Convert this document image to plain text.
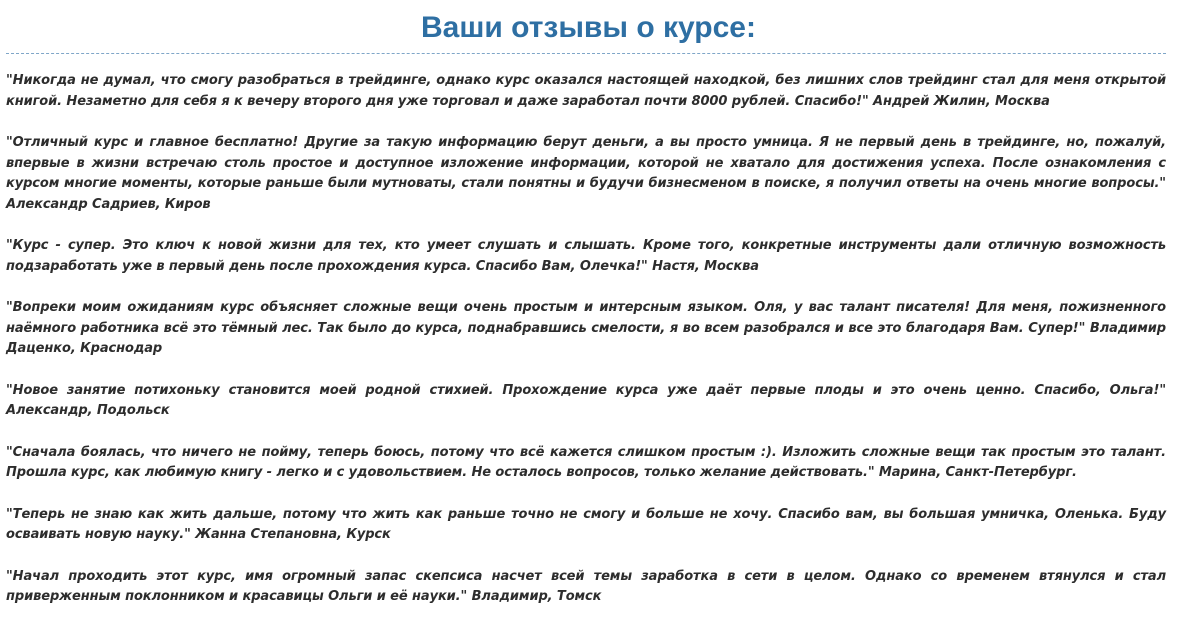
Ваши отзывы о курсе:

"Никогда не думал, что смогу разобраться в трейдинге, однако курс оказался настоящей находкой, без лишних слов трейдинг стал для меня открытой книгой. Незаметно для себя я к вечеру второго дня уже торговал и даже заработал почти 8000 рублей. Спасибо!" Андрей Жилин, Москва

"Отличный курс и главное бесплатно! Другие за такую информацию берут деньги, а вы просто умница. Я не первый день в трейдинге, но, пожалуй, впервые в жизни встречаю столь простое и доступное изложение информации, которой не хватало для достижения успеха. После ознакомления с курсом многие моменты, которые раньше были мутноваты, стали понятны и будучи бизнесменом в поиске, я получил ответы на очень многие вопросы." Александр Садриев, Киров

"Курс - супер. Это ключ к новой жизни для тех, кто умеет слушать и слышать. Кроме того, конкретные инструменты дали отличную возможность подзаработать уже в первый день после прохождения курса. Спасибо Вам, Олечка!" Настя, Москва

"Вопреки моим ожиданиям курс объясняет сложные вещи очень простым и интерсным языком. Оля, у вас талант писателя! Для меня, пожизненного наёмного работника всё это тёмный лес. Так было до курса, поднабравшись смелости, я во всем разобрался и все это благодаря Вам. Супер!" Владимир Даценко, Краснодар

"Новое занятие потихоньку становится моей родной стихией. Прохождение курса уже даёт первые плоды и это очень ценно. Спасибо, Ольга!" Александр, Подольск

"Сначала боялась, что ничего не пойму, теперь боюсь, потому что всё кажется слишком простым :). Изложить сложные вещи так простым это талант. Прошла курс, как любимую книгу - легко и с удовольствием. Не осталось вопросов, только желание действовать." Марина, Санкт-Петербург.

"Теперь не знаю как жить дальше, потому что жить как раньше точно не смогу и больше не хочу. Спасибо вам, вы большая умничка, Оленька. Буду осваивать новую науку." Жанна Степановна, Курск

"Начал проходить этот курс, имя огромный запас скепсиса насчет всей темы заработка в сети в целом. Однако со временем втянулся и стал приверженным поклонником и красавицы Ольги и её науки." Владимир, Томск
